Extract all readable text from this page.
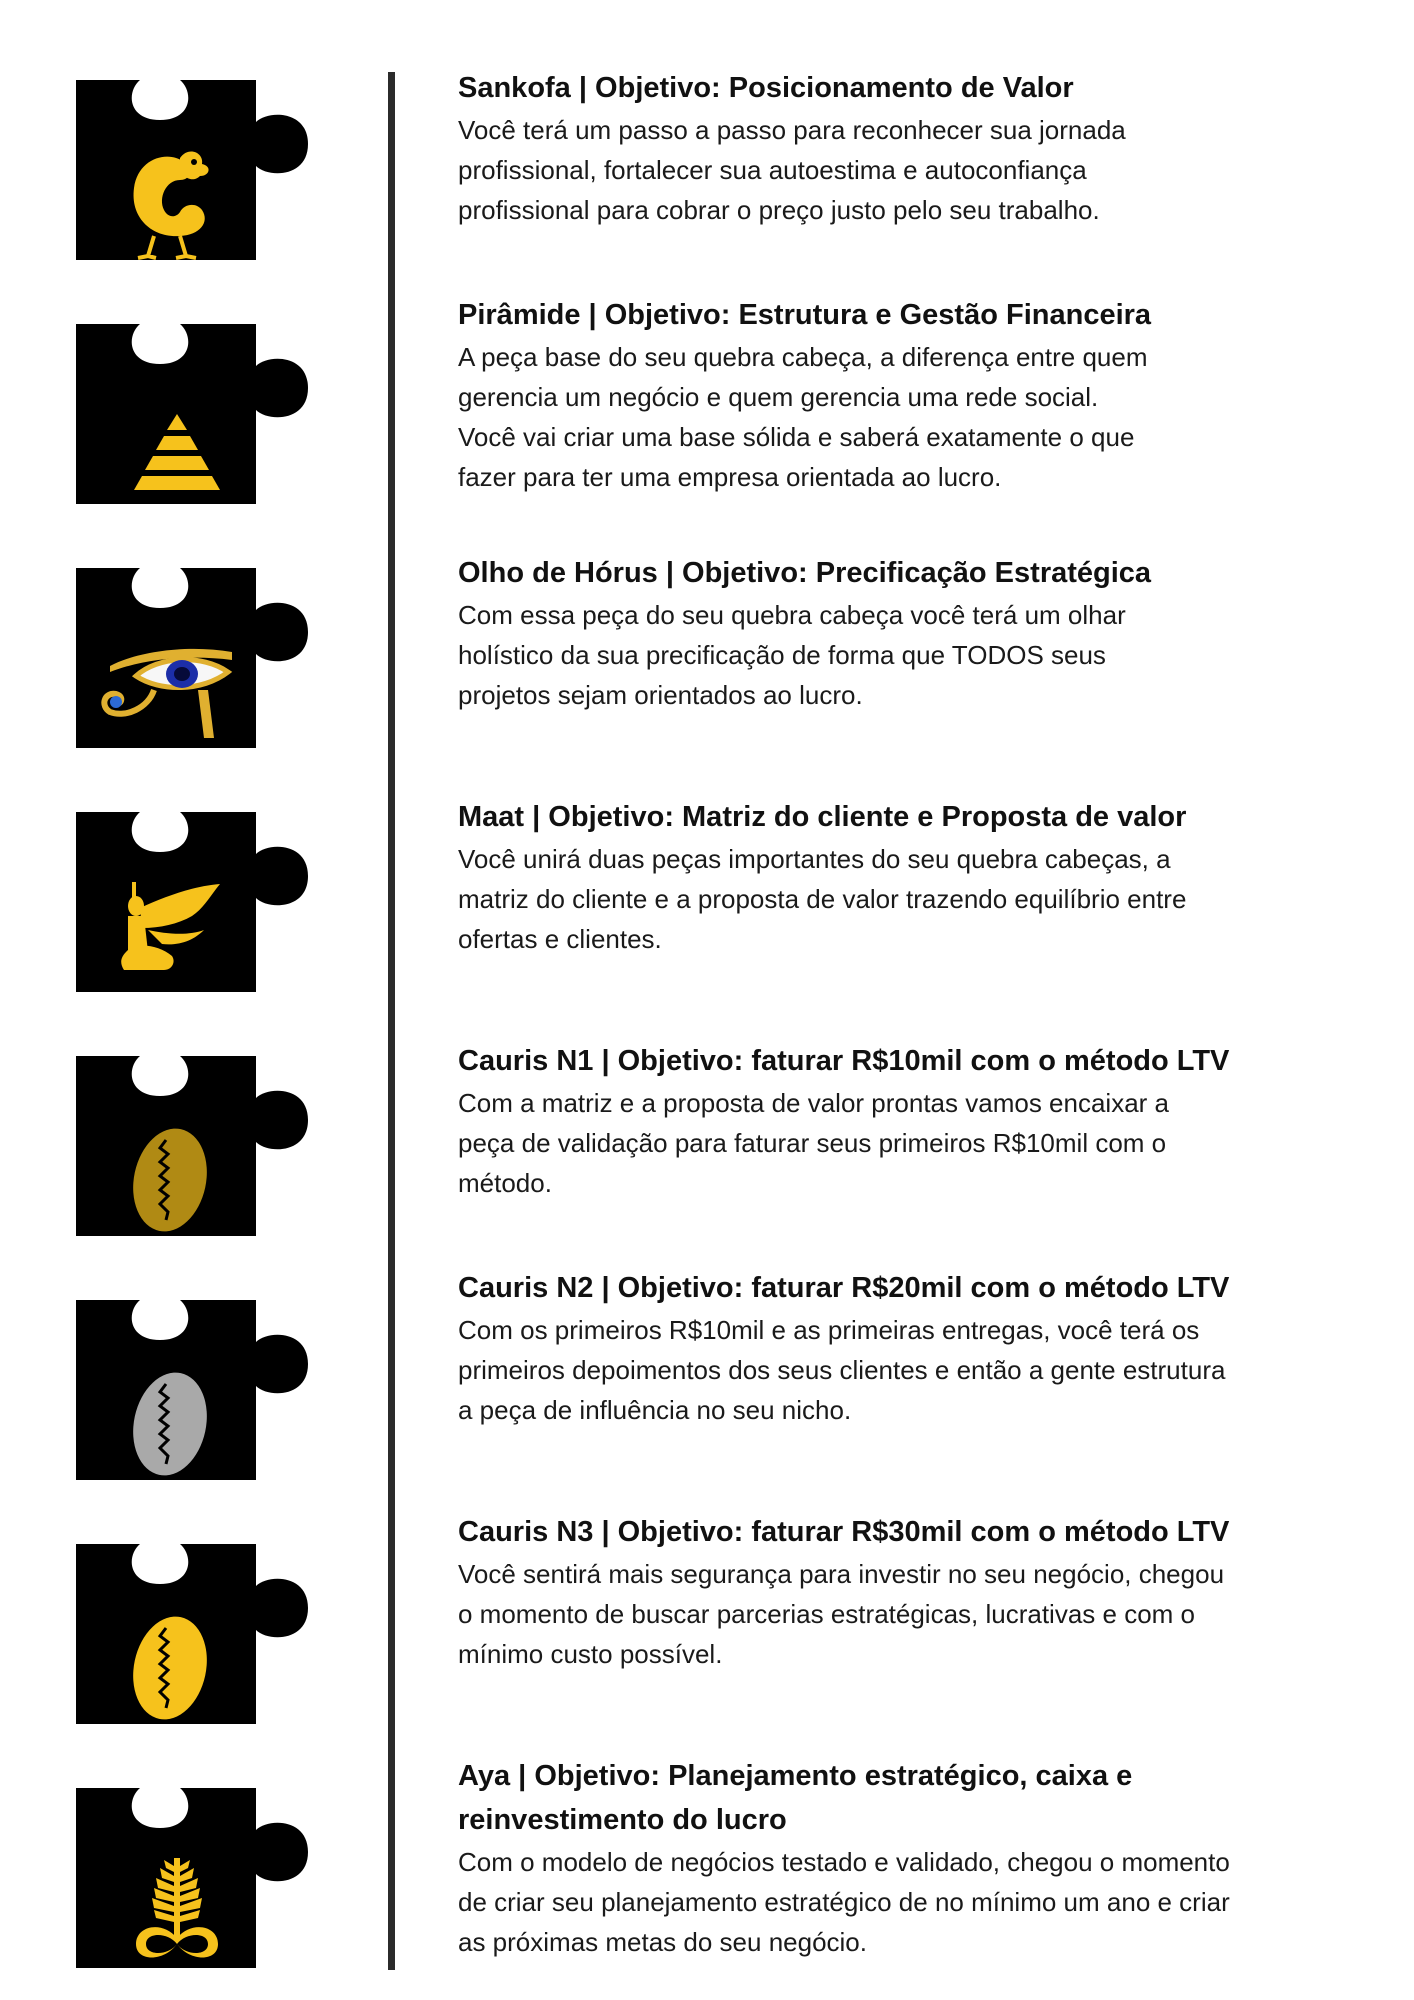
Sankofa | Objetivo: Posicionamento de Valor

Você terá um passo a passo para reconhecer sua jornada

profissional, fortalecer sua autoestima e autoconfiança

profissional para cobrar o preço justo pelo seu trabalho.

Pirâmide | Objetivo: Estrutura e Gestão Financeira

A peça base do seu quebra cabeça, a diferença entre quem

gerencia um negócio e quem gerencia uma rede social.

Você vai criar uma base sólida e saberá exatamente o que

fazer para ter uma empresa orientada ao lucro.

Olho de Hórus | Objetivo: Precificação Estratégica

Com essa peça do seu quebra cabeça você terá um olhar

holístico da sua precificação de forma que TODOS seus

projetos sejam orientados ao lucro.

Maat | Objetivo: Matriz do cliente e Proposta de valor

Você unirá duas peças importantes do seu quebra cabeças, a

matriz do cliente e a proposta de valor trazendo equilíbrio entre

ofertas e clientes.

Cauris N1 | Objetivo: faturar R$10mil com o método LTV

Com a matriz e a proposta de valor prontas vamos encaixar a

peça de validação para faturar seus primeiros R$10mil com o

método.

Cauris N2 | Objetivo: faturar R$20mil com o método LTV

Com os primeiros R$10mil e as primeiras entregas, você terá os

primeiros depoimentos dos seus clientes e então a gente estrutura

a peça de influência no seu nicho.

Cauris N3 | Objetivo: faturar R$30mil com o método LTV

Você sentirá mais segurança para investir no seu negócio, chegou

o momento de buscar parcerias estratégicas, lucrativas e com o

mínimo custo possível.

Aya | Objetivo: Planejamento estratégico, caixa e reinvestimento do lucro

Com o modelo de negócios testado e validado, chegou o momento

de criar seu planejamento estratégico de no mínimo um ano e criar

as próximas metas do seu negócio.
